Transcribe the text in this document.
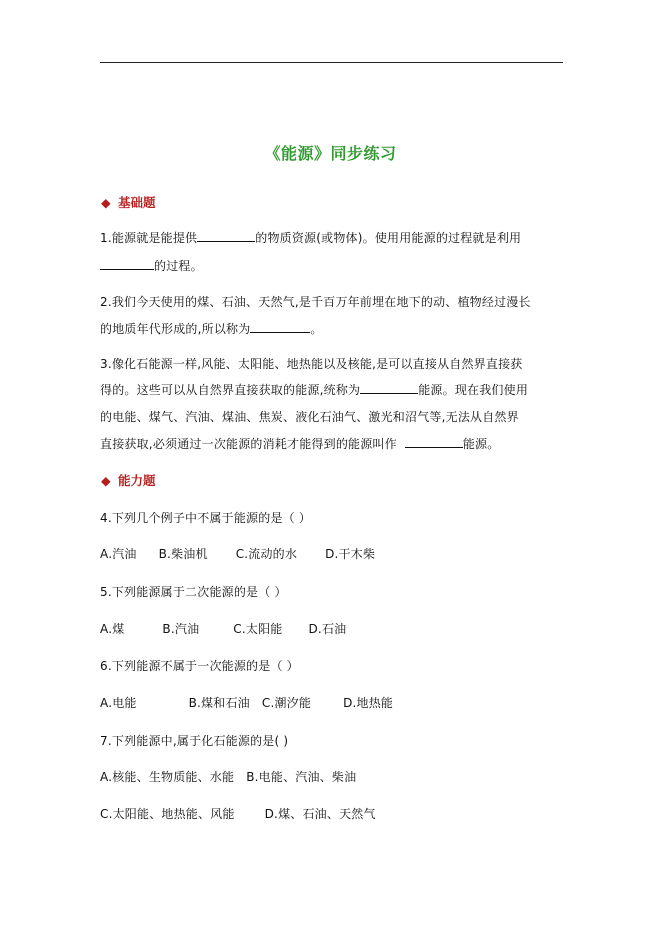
《能源》同步练习
◆ 基础题
1.能源就是能提供	的物质资源(或物体)。使用用能源的过程就是利用
的过程。
2.我们今天使用的煤、石油、天然气,是千百万年前埋在地下的动、植物经过漫长
的地质年代形成的,所以称为	。
3.像化石能源一样,风能、太阳能、地热能以及核能,是可以直接从自然界直接获
得的。这些可以从自然界直接获取的能源,统称为	能源。现在我们使用
的电能、煤气、汽油、煤油、焦炭、液化石油气、激光和沼气等,无法从自然界
直接获取,必须通过一次能源的消耗才能得到的能源叫作	能源。
◆ 能力题
4.下列几个例子中不属于能源的是（ ）
A.汽油 B.柴油机 C.流动的水 D.干木柴
5.下列能源属于二次能源的是（ ）
A.煤	B.汽油	C.太阳能 D.石油
6.下列能源不属于一次能源的是（ ）
A.电能	B.煤和石油 C.潮汐能	D.地热能
7.下列能源中,属于化石能源的是( )
A.核能、生物质能、水能 B.电能、汽油、柴油
C.太阳能、地热能、风能	D.煤、石油、天然气
